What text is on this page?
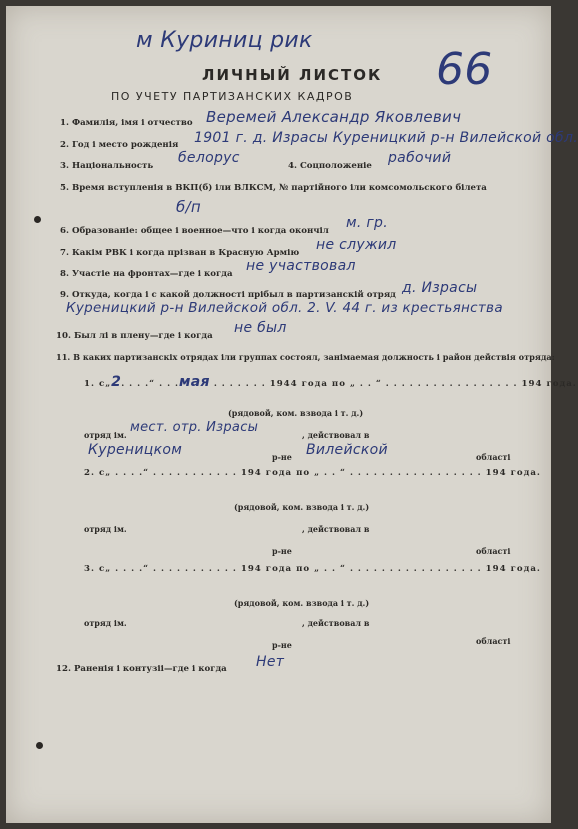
м Куриниц рик
66
ЛИЧНЫЙ ЛИСТОК
ПО УЧЕТУ ПАРТИЗАНСКИХ КАДРОВ
1. Фамилія, імя і отчество Веремей Александр Яковлевич
2. Год і место рожденія 1901 г. д. Израсы Куреницкий р-н Вилейской обл.
3. Національность белорус	4. Соцположеніе рабочий
5. Время вступленія в ВКП(б) іли ВЛКСМ, № партійного іли комсомольского білета
б/п
6. Образованіе: общее і военное—что і когда окончіл м. гр.
7. Какім РВК і когда прізван в Красную Армію не служил
8. Участіе на фронтах—где і когда не участвовал
9. Откуда, когда і с какой должності прібыл в партизанскій отряд д. Израсы
Куреницкий р-н Вилейской обл. 2. V. 44 г. из крестьянства
10. Был лі в плену—где і когда не был
11. В каких партизанскіх отрядах іли группах состоял, занімаемая должность і район действія отряда:
1. с„2. . . .“ . . .мая . . . . . . . 1944 года по „ . . “ . . . . . . . . . . . . . . . . . 194 года.
(рядовой, ком. взвода і т. д.)
отряд ім. мест. отр. Израсы	, действовал в
Куреницком	р-не Вилейской	області
2. с„ . . . .“ . . . . . . . . . . . 194 года по „ . . “ . . . . . . . . . . . . . . . . . 194 года.
(рядовой, ком. взвода і т. д.)
отряд ім.	, действовал в
р-не	області
3. с„ . . . .“ . . . . . . . . . . . 194 года по „ . . “ . . . . . . . . . . . . . . . . . 194 года.
(рядовой, ком. взвода і т. д.)
отряд ім.	, действовал в
р-не	області
12. Раненія і контузіі—где і когда Нет
